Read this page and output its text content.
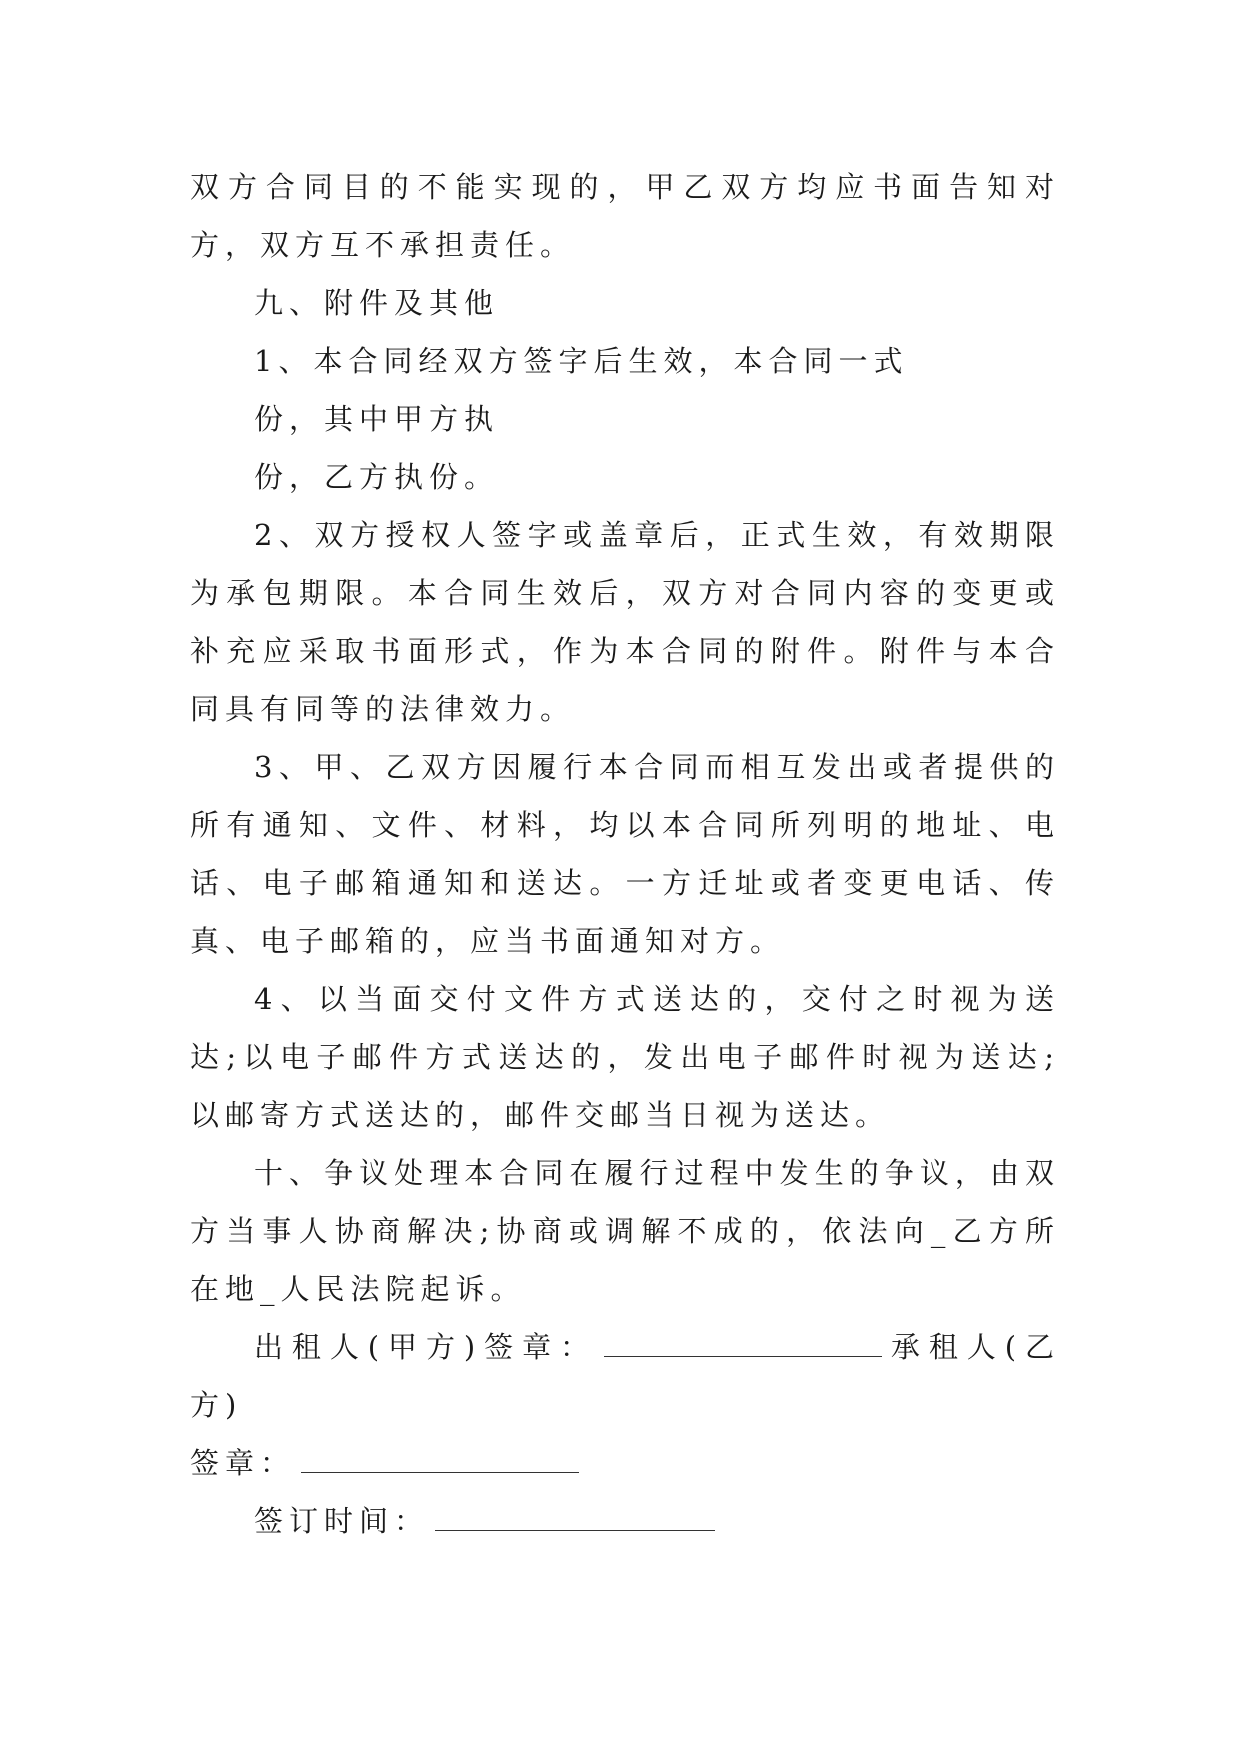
双方合同目的不能实现的，甲乙双方均应书面告知对方，双方互不承担责任。

九、附件及其他

1、本合同经双方签字后生效，本合同一式

份，其中甲方执

份，乙方执份。

2、双方授权人签字或盖章后，正式生效，有效期限为承包期限。本合同生效后，双方对合同内容的变更或补充应采取书面形式，作为本合同的附件。附件与本合同具有同等的法律效力。

3、甲、乙双方因履行本合同而相互发出或者提供的所有通知、文件、材料，均以本合同所列明的地址、电话、电子邮箱通知和送达。一方迁址或者变更电话、传真、电子邮箱的，应当书面通知对方。

4、以当面交付文件方式送达的，交付之时视为送达;以电子邮件方式送达的，发出电子邮件时视为送达;以邮寄方式送达的，邮件交邮当日视为送达。

十、争议处理本合同在履行过程中发生的争议，由双方当事人协商解决;协商或调解不成的，依法向_乙方所在地_人民法院起诉。

出租人(甲方)签章：	承租人(乙方)

签章：

签订时间：
